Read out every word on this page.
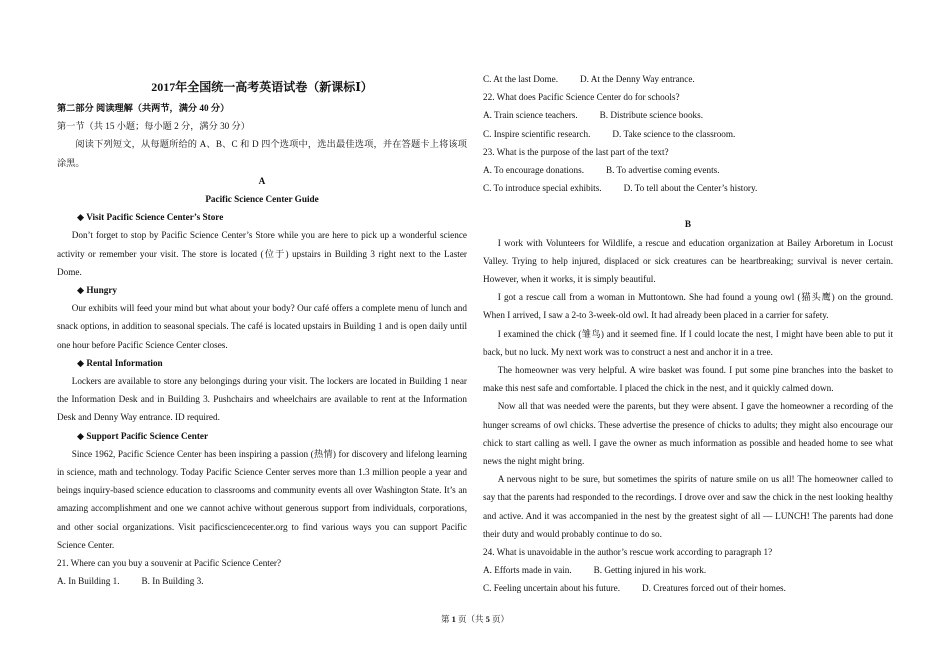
2017年全国统一高考英语试卷（新课标Ⅰ）
第二部分 阅读理解（共两节，满分 40 分）
第一节（共 15 小题；每小题 2 分，满分 30 分）
阅读下列短文，从每题所给的 A、B、C 和 D 四个选项中，选出最佳选项，并在答题卡上将该项涂黑。
A
Pacific Science Center Guide
◆ Visit Pacific Science Center’s Store
Don’t forget to stop by Pacific Science Center’s Store while you are here to pick up a wonderful science activity or remember your visit. The store is located (位于) upstairs in Building 3 right next to the Laster Dome.
◆ Hungry
Our exhibits will feed your mind but what about your body? Our café offers a complete menu of lunch and snack options, in addition to seasonal specials. The café is located upstairs in Building 1 and is open daily until one hour before Pacific Science Center closes.
◆ Rental Information
Lockers are available to store any belongings during your visit. The lockers are located in Building 1 near the Information Desk and in Building 3. Pushchairs and wheelchairs are available to rent at the Information Desk and Denny Way entrance. ID required.
◆ Support Pacific Science Center
Since 1962, Pacific Science Center has been inspiring a passion (热情) for discovery and lifelong learning in science, math and technology. Today Pacific Science Center serves more than 1.3 million people a year and beings inquiry-based science education to classrooms and community events all over Washington State. It’s an amazing accomplishment and one we cannot achive without generous support from individuals, corporations, and other social organizations. Visit pacificsciencecenter.org to find various ways you can support Pacific Science Center.
21. Where can you buy a souvenir at Pacific Science Center?
A. In Building 1. B. In Building 3.
C. At the last Dome. D. At the Denny Way entrance.
22. What does Pacific Science Center do for schools?
A. Train science teachers. B. Distribute science books.
C. Inspire scientific research. D. Take science to the classroom.
23. What is the purpose of the last part of the text?
A. To encourage donations. B. To advertise coming events.
C. To introduce special exhibits. D. To tell about the Center’s history.
B
I work with Volunteers for Wildlife, a rescue and education organization at Bailey Arboretum in Locust Valley. Trying to help injured, displaced or sick creatures can be heartbreaking; survival is never certain. However, when it works, it is simply beautiful.
I got a rescue call from a woman in Muttontown. She had found a young owl (猫头鹰) on the ground. When I arrived, I saw a 2-to 3-week-old owl. It had already been placed in a carrier for safety.
I examined the chick (雏鸟) and it seemed fine. If I could locate the nest, I might have been able to put it back, but no luck. My next work was to construct a nest and anchor it in a tree.
The homeowner was very helpful. A wire basket was found. I put some pine branches into the basket to make this nest safe and comfortable. I placed the chick in the nest, and it quickly calmed down.
Now all that was needed were the parents, but they were absent. I gave the homeowner a recording of the hunger screams of owl chicks. These advertise the presence of chicks to adults; they might also encourage our chick to start calling as well. I gave the owner as much information as possible and headed home to see what news the night might bring.
A nervous night to be sure, but sometimes the spirits of nature smile on us all! The homeowner called to say that the parents had responded to the recordings. I drove over and saw the chick in the nest looking healthy and active. And it was accompanied in the nest by the greatest sight of all — LUNCH! The parents had done their duty and would probably continue to do so.
24. What is unavoidable in the author’s rescue work according to paragraph 1?
A. Efforts made in vain. B. Getting injured in his work.
C. Feeling uncertain about his future. D. Creatures forced out of their homes.
第 1 页（共 5 页）
